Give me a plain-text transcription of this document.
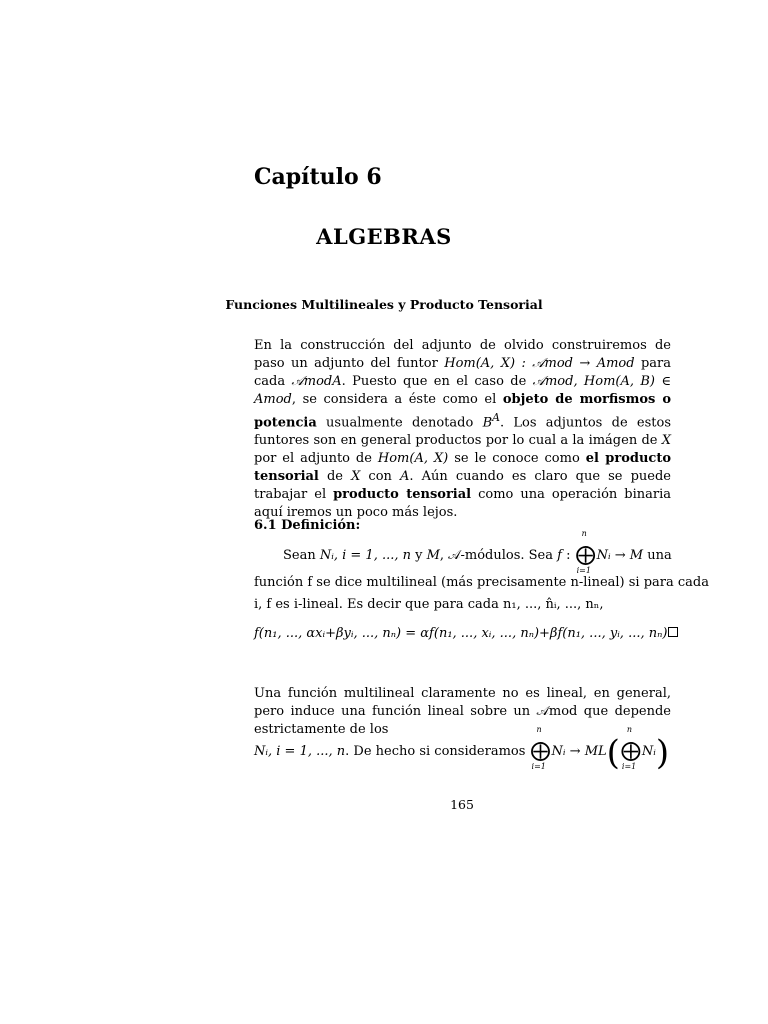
Capítulo 6
ALGEBRAS
Funciones Multilineales y Producto Tensorial

En la construcción del adjunto de olvido construiremos de paso un adjunto del funtor Hom(A, X) : 𝒜mod → Amod para cada 𝒜modA. Puesto que en el caso de 𝒜mod, Hom(A, B) ∈ Amod, se considera a éste como el objeto de morfismos o potencia usualmente denotado $B^A$. Los adjuntos de estos funtores son en general productos por lo cual a la imágen de X por el adjunto de Hom(A, X) se le conoce como el producto tensorial de X con A. Aún cuando es claro que se puede trabajar el producto tensorial como una operación binaria aquí iremos un poco más lejos.

6.1 Definición:
Sean Nᵢ, i = 1, ..., n y M, 𝒜-módulos. Sea f :
n
⨁
i=1
Nᵢ → M una
función f se dice multilineal (más precisamente n-lineal) si para cada
i, f es i-lineal. Es decir que para cada n₁, ..., n̂ᵢ, ..., nₙ,
f(n₁, ..., αxᵢ+βyᵢ, ..., nₙ) = αf(n₁, ..., xᵢ, ..., nₙ)+βf(n₁, ..., yᵢ, ..., nₙ)

Una función multilineal claramente no es lineal, en general, pero induce una función lineal sobre un 𝒜mod que depende estrictamente de los

Nᵢ, i = 1, ..., n. De hecho si consideramos
n
⨁
i=1
Nᵢ → ML(
n
⨁
i=1
Nᵢ)
165
